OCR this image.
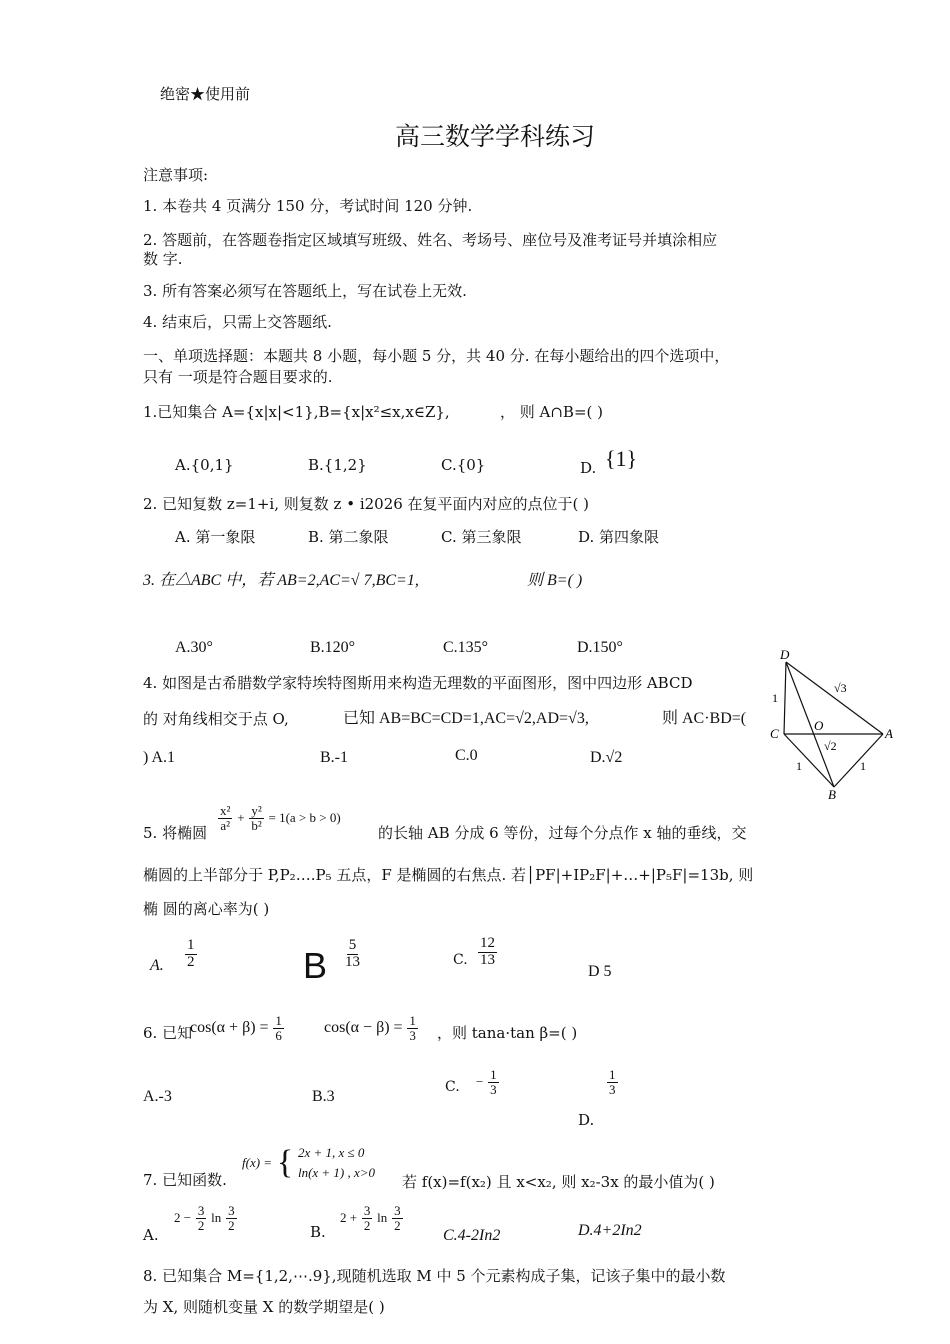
绝密★使用前
高三数学学科练习
注意事项:
1. 本卷共 4 页满分 150 分，考试时间 120 分钟.
2. 答题前，在答题卷指定区域填写班级、姓名、考场号、座位号及准考证号并填涂相应
数 字.
3. 所有答案必须写在答题纸上，写在试卷上无效.
4. 结束后，只需上交答题纸.
一、单项选择题：本题共 8 小题，每小题 5 分，共 40 分. 在每小题给出的四个选项中，
只有 一项是符合题目要求的.
1.已知集合 A={x|x|<1},B={x|x²≤x,x∈Z},	， 则 A∩B=( )
A.{0,1}	B.{1,2}	C.{0}	D. {1}
2. 已知复数 z=1+i, 则复数 z • i2026 在复平面内对应的点位于( )
A. 第一象限	B. 第二象限	C. 第三象限	D. 第四象限
3. 在△ABC 中，若 AB=2,AC=√ 7,BC=1,	则 B=( )
A.30°	B.120°	C.135°	D.150°
4. 如图是古希腊数学家特埃特图斯用来构造无理数的平面图形，图中四边形 ABCD
的 对角线相交于点 O,	已知 AB=BC=CD=1,AC=√2,AD=√3,	则 AC·BD=(
) A.1	B.-1	C.0	D.√2
D
C	A
B
O
1
1	1
√3
√2
5. 将椭圆
$\frac{\text{x²}}{\text{a²}} + \frac{\text{y²}}{\text{b²}} = 1(a > b > 0)$
的长轴 AB 分成 6 等份，过每个分点作 x 轴的垂线，交
椭圆的上半部分于 P,P₂….P₅ 五点，F 是椭圆的右焦点. 若│PF|+IP₂F|+…+|P₅F|=13b, 则
椭 圆的离心率为( )
A. $\frac{1}{2}$	B $\frac{5}{13}$	C. $\frac{12}{13}$
D 5
6. 已知
$\cos(\alpha + \beta) = \frac{1}{6}$	$\cos(\alpha - \beta) = \frac{1}{3}$ ，则 tana·tan β=( )
A.-3	B.3
C. − $\frac{1}{3}$	$\frac{1}{3}$
D.
7. 已知函数.
f(x) = { 2x + 1, x ≤ 0
ln(x + 1) , x>0
若 f(x)=f(x₂) 且 x<x₂, 则 x₂-3x 的最小值为( )
A.
$2 - \frac{3}{2}$ $\ln \frac{3}{2}$	B.
$2 + \frac{3}{2}$ $\ln \frac{3}{2}$
C.4-2In2	D.4+2In2
8. 已知集合 M={1,2,⋯.9},现随机选取 M 中 5 个元素构成子集，记该子集中的最小数
为 X, 则随机变量 X 的数学期望是( )
